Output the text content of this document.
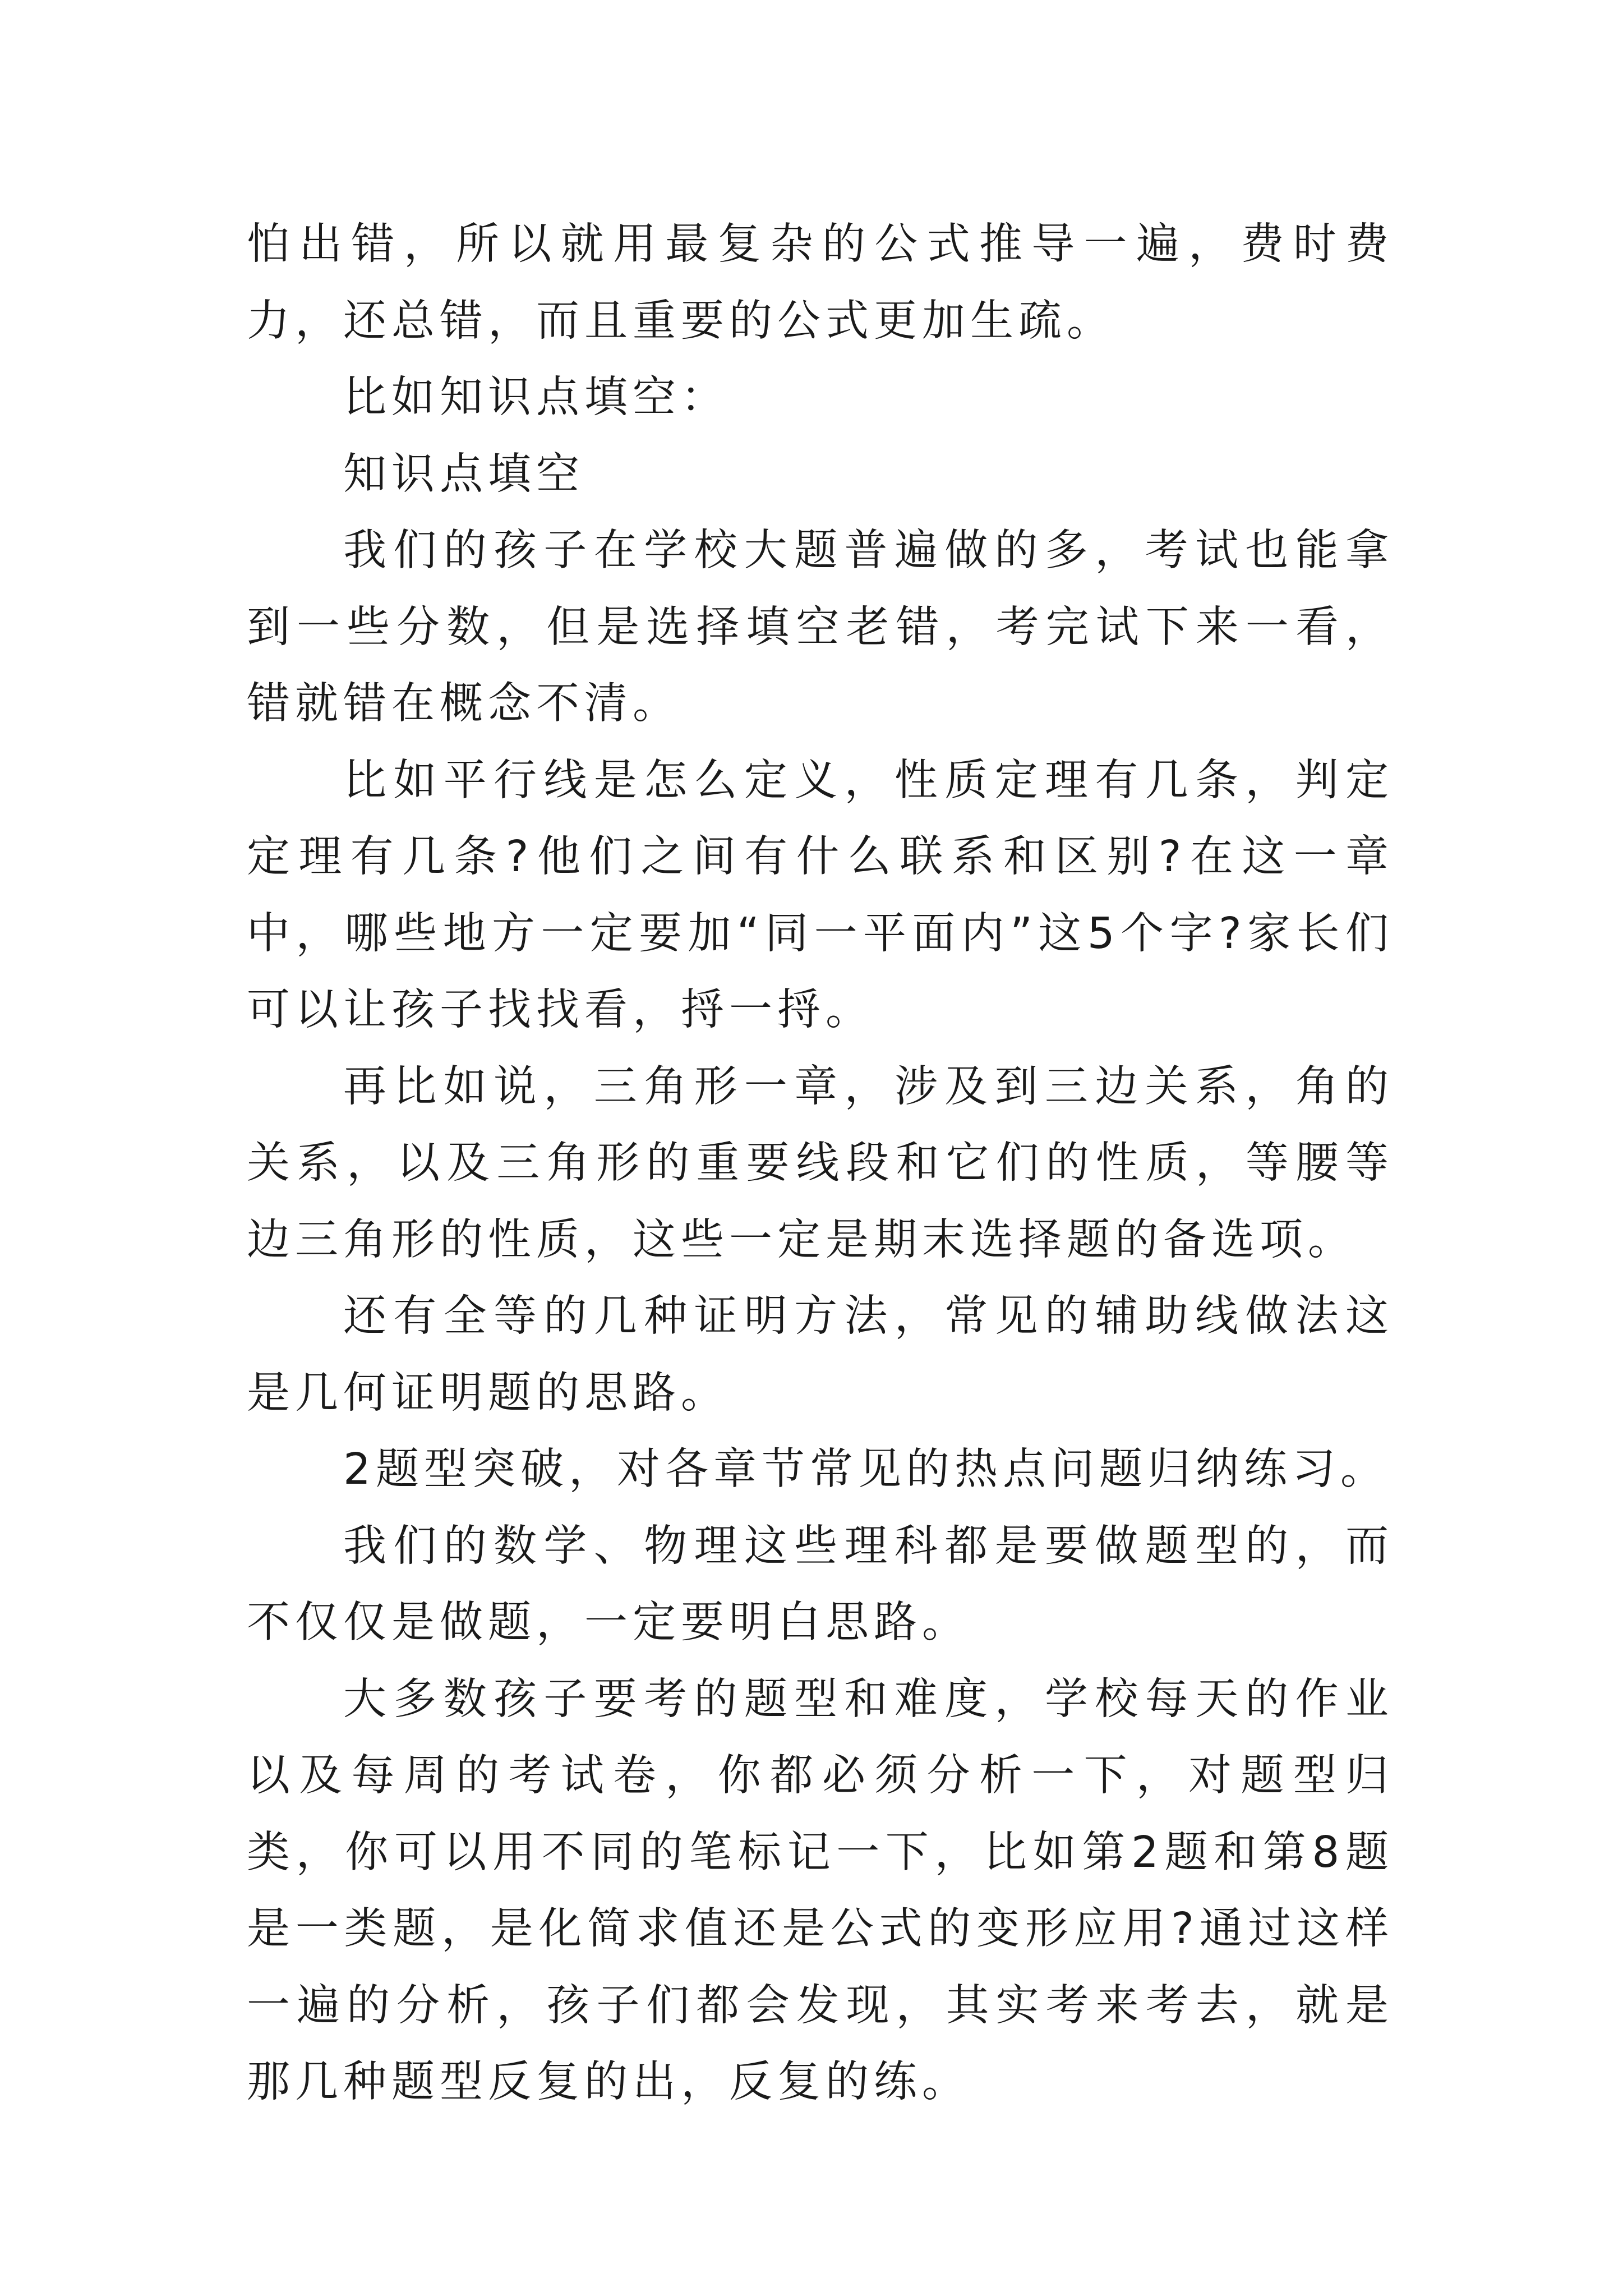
怕出错，所以就用最复杂的公式推导一遍，费时费力，还总错，而且重要的公式更加生疏。

比如知识点填空：

知识点填空

我们的孩子在学校大题普遍做的多，考试也能拿到一些分数，但是选择填空老错，考完试下来一看，错就错在概念不清。

比如平行线是怎么定义，性质定理有几条，判定定理有几条?他们之间有什么联系和区别?在这一章中，哪些地方一定要加“同一平面内”这5个字?家长们可以让孩子找找看，捋一捋。

再比如说，三角形一章，涉及到三边关系，角的关系，以及三角形的重要线段和它们的性质，等腰等边三角形的性质，这些一定是期末选择题的备选项。

还有全等的几种证明方法，常见的辅助线做法这是几何证明题的思路。

2题型突破，对各章节常见的热点问题归纳练习。

我们的数学、物理这些理科都是要做题型的，而不仅仅是做题，一定要明白思路。

大多数孩子要考的题型和难度，学校每天的作业以及每周的考试卷，你都必须分析一下，对题型归类，你可以用不同的笔标记一下，比如第2题和第8题是一类题，是化简求值还是公式的变形应用?通过这样一遍的分析，孩子们都会发现，其实考来考去，就是那几种题型反复的出，反复的练。
